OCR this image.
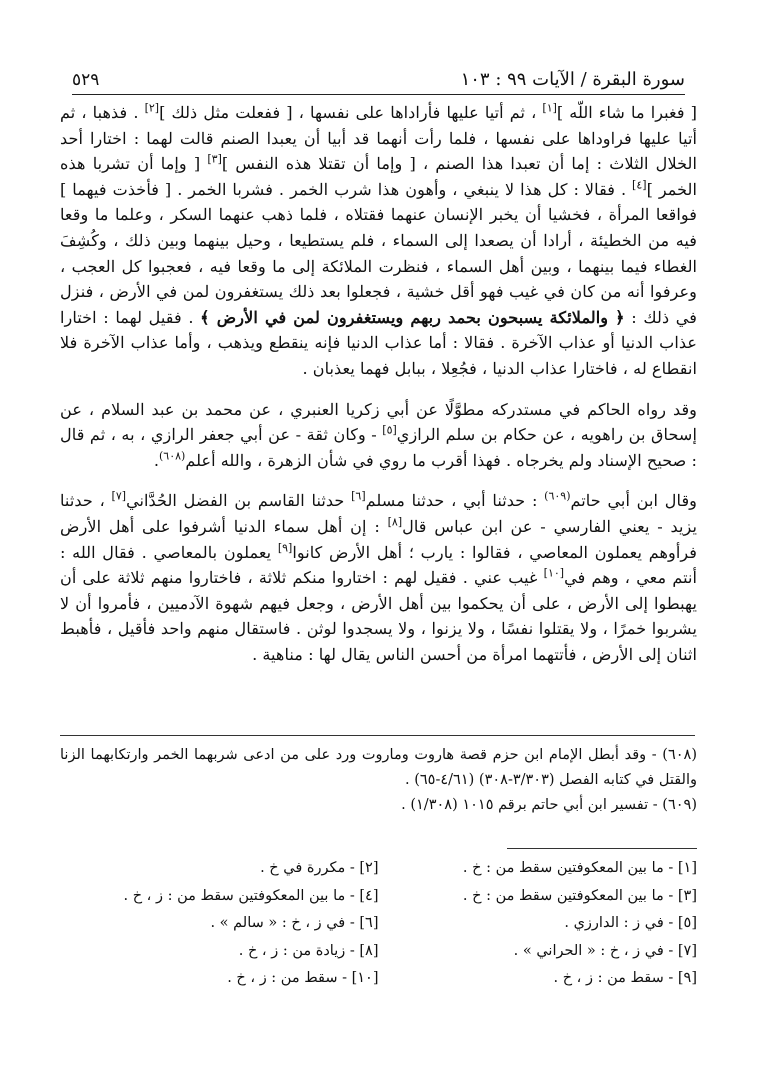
سورة البقرة / الآيات ٩٩ : ١٠٣
٥٢٩

[ فغبرا ما شاء اللّه ][١] ، ثم أتيا عليها فأراداها على نفسها ، [ ففعلت مثل ذلك ][٢] . فذهبا ، ثم أتيا عليها فراوداها على نفسها ، فلما رأت أنهما قد أبيا أن يعبدا الصنم قالت لهما : اختارا أحد الخلال الثلاث : إما أن تعبدا هذا الصنم ، [ وإما أن تقتلا هذه النفس ][٣] [ وإما أن تشربا هذه الخمر ][٤] . فقالا : كل هذا لا ينبغي ، وأهون هذا شرب الخمر . فشربا الخمر . [ فأخذت فيهما ] فواقعا المرأة ، فخشيا أن يخبر الإنسان عنهما فقتلاه ، فلما ذهب عنهما السكر ، وعلما ما وقعا فيه من الخطيئة ، أرادا أن يصعدا إلى السماء ، فلم يستطيعا ، وحيل بينهما وبين ذلك ، وكُشِفَ الغطاء فيما بينهما ، وبين أهل السماء ، فنظرت الملائكة إلى ما وقعا فيه ، فعجبوا كل العجب ، وعرفوا أنه من كان في غيب فهو أقل خشية ، فجعلوا بعد ذلك يستغفرون لمن في الأرض ، فنزل في ذلك : ﴿ والملائكة يسبحون بحمد ربهم ويستغفرون لمن في الأرض ﴾ . فقيل لهما : اختارا عذاب الدنيا أو عذاب الآخرة . فقالا : أما عذاب الدنيا فإنه ينقطع ويذهب ، وأما عذاب الآخرة فلا انقطاع له ، فاختارا عذاب الدنيا ، فجُعِلا ، ببابل فهما يعذبان .

وقد رواه الحاكم في مستدركه مطوَّلًا عن أبي زكريا العنبري ، عن محمد بن عبد السلام ، عن إسحاق بن راهويه ، عن حكام بن سلم الرازي[٥] - وكان ثقة - عن أبي جعفر الرازي ، به ، ثم قال : صحيح الإسناد ولم يخرجاه . فهذا أقرب ما روي في شأن الزهرة ، والله أعلم$^{(٦٠٨)}$.

وقال ابن أبي حاتم$^{(٦٠٩)}$ : حدثنا أبي ، حدثنا مسلم[٦] حدثنا القاسم بن الفضل الحُدَّاني[٧] ، حدثنا يزيد - يعني الفارسي - عن ابن عباس قال[٨] : إن أهل سماء الدنيا أشرفوا على أهل الأرض فرأوهم يعملون المعاصي ، فقالوا : يارب ؛ أهل الأرض كانوا[٩] يعملون بالمعاصي . فقال الله : أنتم معي ، وهم في[١٠] غيب عني . فقيل لهم : اختاروا منكم ثلاثة ، فاختاروا منهم ثلاثة على أن يهبطوا إلى الأرض ، على أن يحكموا بين أهل الأرض ، وجعل فيهم شهوة الآدميين ، فأمروا أن لا يشربوا خمرًا ، ولا يقتلوا نفسًا ، ولا يزنوا ، ولا يسجدوا لوثن . فاستقال منهم واحد فأقيل ، فأهبط اثنان إلى الأرض ، فأتتهما امرأة من أحسن الناس يقال لها : مناهية .

(٦٠٨) - وقد أبطل الإمام ابن حزم قصة هاروت وماروت ورد على من ادعى شربهما الخمر وارتكابهما الزنا والقتل في كتابه الفصل (٣/٣٠٣-٣٠٨) (٤/٦١-٦٥) .

(٦٠٩) - تفسير ابن أبي حاتم برقم ١٠١٥ (١/٣٠٨) .

[١] - ما بين المعكوفتين سقط من : خ .
[٢] - مكررة في خ .
[٣] - ما بين المعكوفتين سقط من : خ .
[٤] - ما بين المعكوفتين سقط من : ز ، خ .
[٥] - في ز : الدارزي .
[٦] - في ز ، خ : « سالم » .
[٧] - في ز ، خ : « الحراني » .
[٨] - زيادة من : ز ، خ .
[٩] - سقط من : ز ، خ .
[١٠] - سقط من : ز ، خ .
